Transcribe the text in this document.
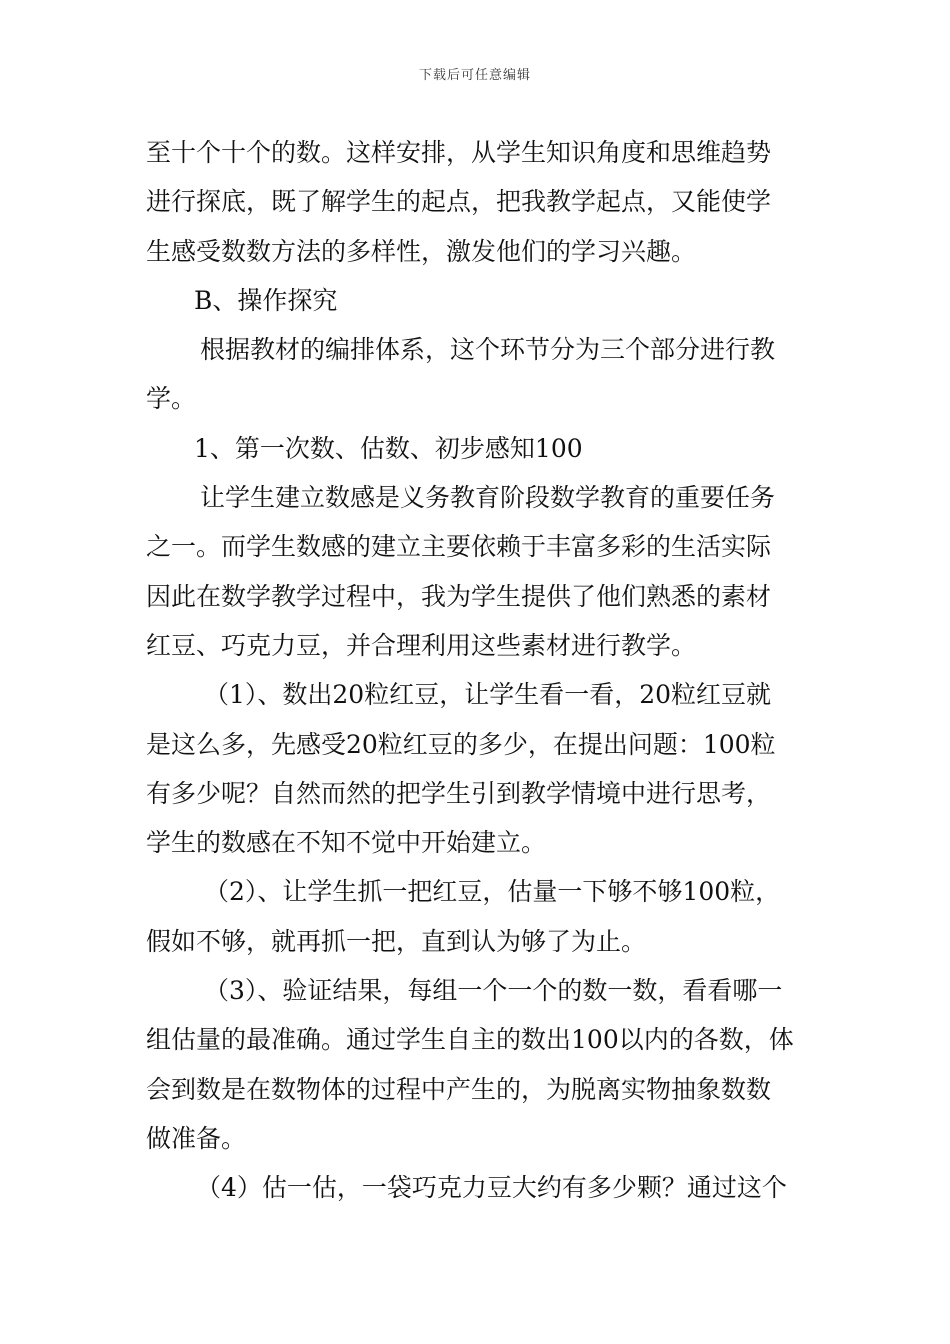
下载后可任意编辑
至十个十个的数。这样安排，从学生知识角度和思维趋势
进行探底，既了解学生的起点，把我教学起点，又能使学
生感受数数方法的多样性，激发他们的学习兴趣。
B、操作探究
根据教材的编排体系，这个环节分为三个部分进行教
学。
1、第一次数、估数、初步感知100
让学生建立数感是义务教育阶段数学教育的重要任务
之一。而学生数感的建立主要依赖于丰富多彩的生活实际
因此在数学教学过程中，我为学生提供了他们熟悉的素材
红豆、巧克力豆，并合理利用这些素材进行教学。
（1）、数出20粒红豆，让学生看一看，20粒红豆就
是这么多，先感受20粒红豆的多少，在提出问题：100粒
有多少呢？自然而然的把学生引到教学情境中进行思考，
学生的数感在不知不觉中开始建立。
（2）、让学生抓一把红豆，估量一下够不够100粒，
假如不够，就再抓一把，直到认为够了为止。
（3）、验证结果，每组一个一个的数一数，看看哪一
组估量的最准确。通过学生自主的数出100以内的各数，体
会到数是在数物体的过程中产生的，为脱离实物抽象数数
做准备。
（4）估一估，一袋巧克力豆大约有多少颗？通过这个
